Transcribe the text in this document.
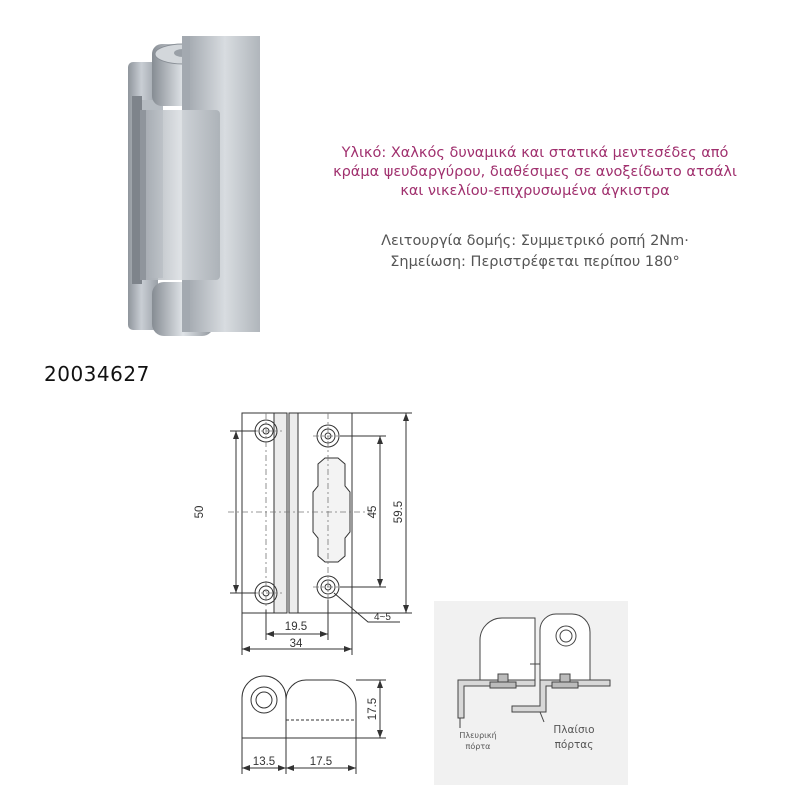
Υλικό: Χαλκός δυναμικά και στατικά μεντεσέδες από κράμα ψευδαργύρου, διαθέσιμες σε ανοξείδωτο ατσάλι και νικελίου-επιχρυσωμένα άγκιστρα
Λειτουργία δομής: Συμμετρικό ροπή 2Nm·
Σημείωση: Περιστρέφεται περίπου 180°
20034627
50	45 59.5
19.5
34
4~5
17.5
13.5	17.5
Πλευρική
πόρτα
Πλαίσιο
πόρτας
